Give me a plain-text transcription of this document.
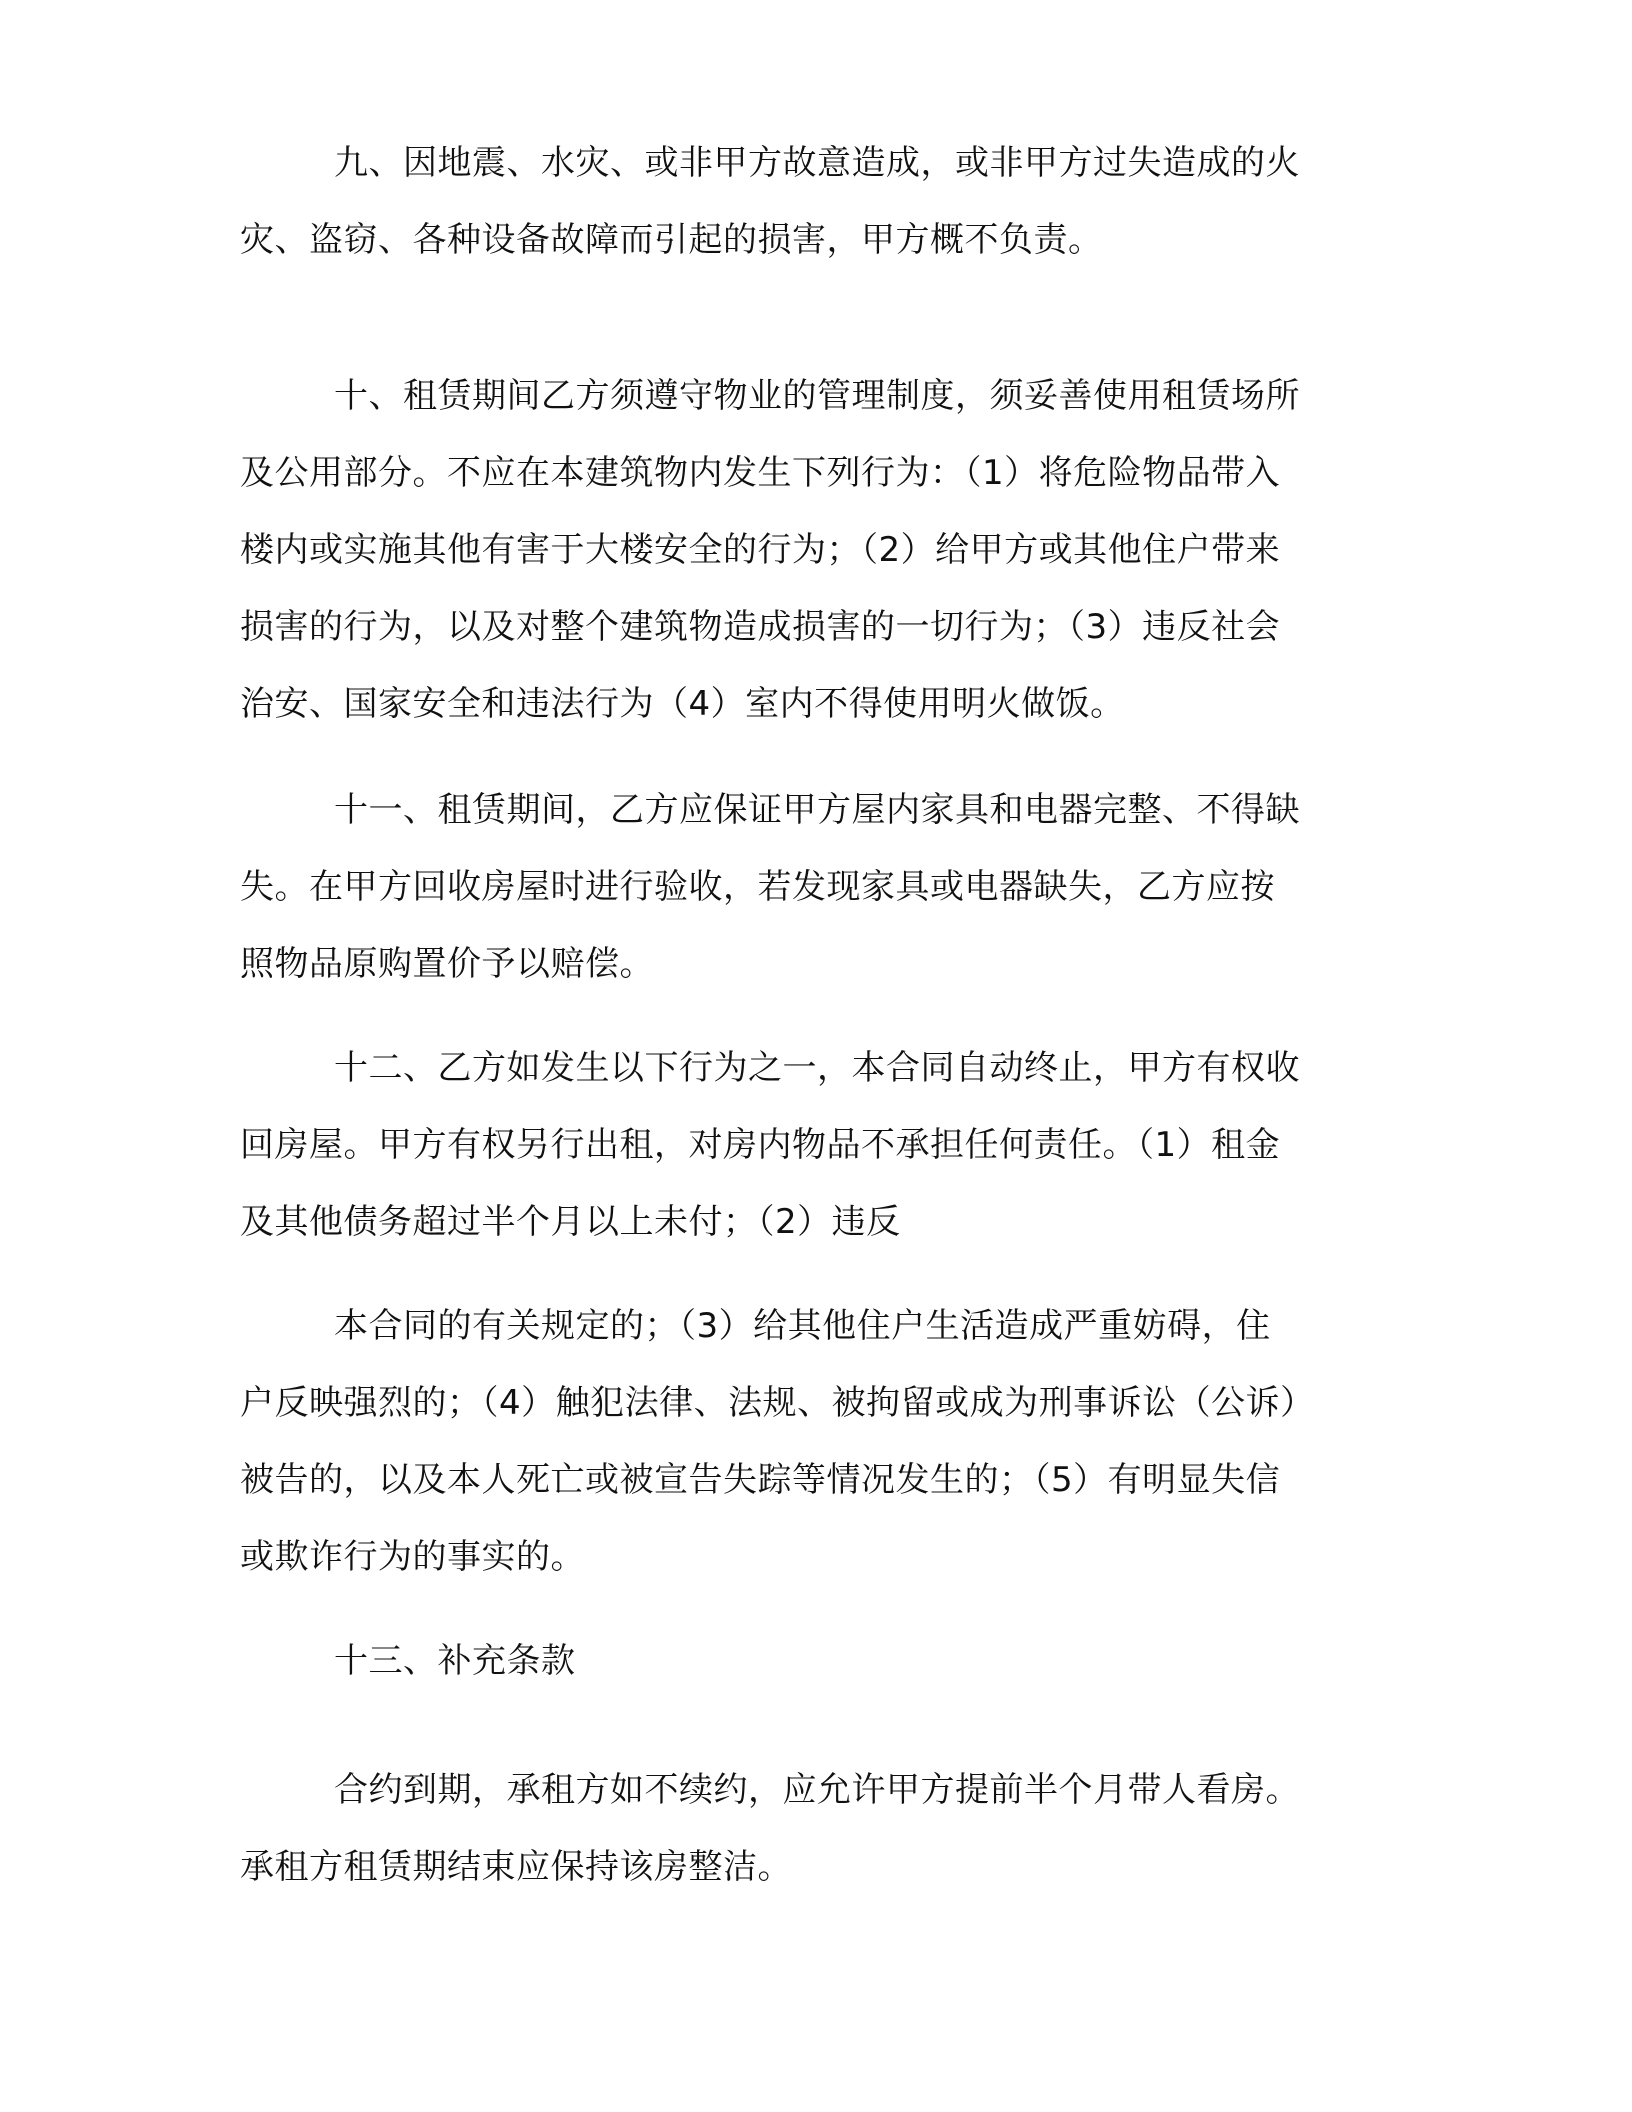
九、因地震、水灾、或非甲方故意造成，或非甲方过失造成的火
灾、盗窃、各种设备故障而引起的损害，甲方概不负责。

十、租赁期间乙方须遵守物业的管理制度，须妥善使用租赁场所
及公用部分。不应在本建筑物内发生下列行为：（1）将危险物品带入
楼内或实施其他有害于大楼安全的行为；（2）给甲方或其他住户带来
损害的行为，以及对整个建筑物造成损害的一切行为；（3）违反社会
治安、国家安全和违法行为（4）室内不得使用明火做饭。

十一、租赁期间，乙方应保证甲方屋内家具和电器完整、不得缺
失。在甲方回收房屋时进行验收，若发现家具或电器缺失，乙方应按
照物品原购置价予以赔偿。

十二、乙方如发生以下行为之一，本合同自动终止，甲方有权收
回房屋。甲方有权另行出租，对房内物品不承担任何责任。（1）租金
及其他债务超过半个月以上未付；（2）违反

本合同的有关规定的；（3）给其他住户生活造成严重妨碍，住
户反映强烈的；（4）触犯法律、法规、被拘留或成为刑事诉讼（公诉）
被告的，以及本人死亡或被宣告失踪等情况发生的；（5）有明显失信
或欺诈行为的事实的。

十三、补充条款

合约到期，承租方如不续约，应允许甲方提前半个月带人看房。
承租方租赁期结束应保持该房整洁。
